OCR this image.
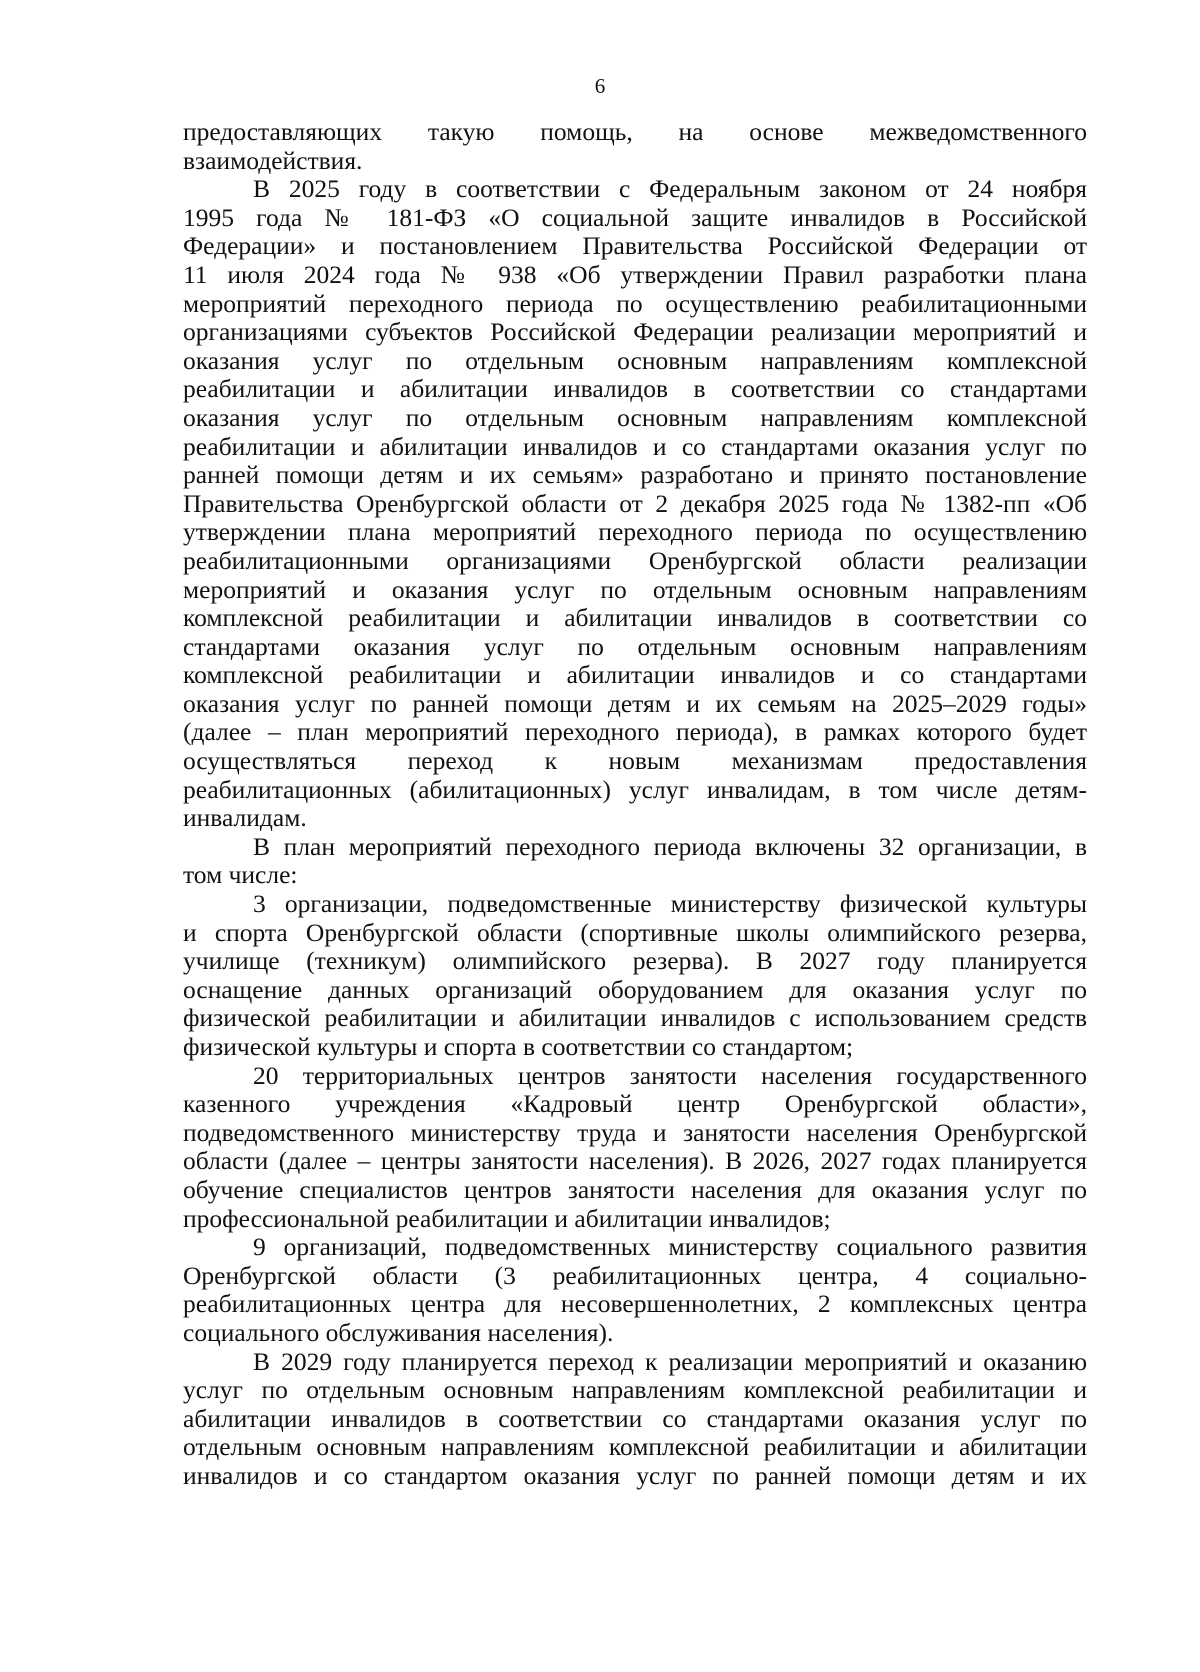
6
предоставляющих такую помощь, на основе межведомственного
взаимодействия.
В 2025 году в соответствии с Федеральным законом от 24 ноября
1995 года № 181-ФЗ «О социальной защите инвалидов в Российской
Федерации» и постановлением Правительства Российской Федерации от
11 июля 2024 года № 938 «Об утверждении Правил разработки плана
мероприятий переходного периода по осуществлению реабилитационными
организациями субъектов Российской Федерации реализации мероприятий и
оказания услуг по отдельным основным направлениям комплексной
реабилитации и абилитации инвалидов в соответствии со стандартами
оказания услуг по отдельным основным направлениям комплексной
реабилитации и абилитации инвалидов и со стандартами оказания услуг по
ранней помощи детям и их семьям» разработано и принято постановление
Правительства Оренбургской области от 2 декабря 2025 года № 1382-пп «Об
утверждении плана мероприятий переходного периода по осуществлению
реабилитационными организациями Оренбургской области реализации
мероприятий и оказания услуг по отдельным основным направлениям
комплексной реабилитации и абилитации инвалидов в соответствии со
стандартами оказания услуг по отдельным основным направлениям
комплексной реабилитации и абилитации инвалидов и со стандартами
оказания услуг по ранней помощи детям и их семьям на 2025–2029 годы»
(далее – план мероприятий переходного периода), в рамках которого будет
осуществляться переход к новым механизмам предоставления
реабилитационных (абилитационных) услуг инвалидам, в том числе детям-
инвалидам.
В план мероприятий переходного периода включены 32 организации, в
том числе:
3 организации, подведомственные министерству физической культуры
и спорта Оренбургской области (спортивные школы олимпийского резерва,
училище (техникум) олимпийского резерва). В 2027 году планируется
оснащение данных организаций оборудованием для оказания услуг по
физической реабилитации и абилитации инвалидов с использованием средств
физической культуры и спорта в соответствии со стандартом;
20 территориальных центров занятости населения государственного
казенного учреждения «Кадровый центр Оренбургской области»,
подведомственного министерству труда и занятости населения Оренбургской
области (далее – центры занятости населения). В 2026, 2027 годах планируется
обучение специалистов центров занятости населения для оказания услуг по
профессиональной реабилитации и абилитации инвалидов;
9 организаций, подведомственных министерству социального развития
Оренбургской области (3 реабилитационных центра, 4 социально-
реабилитационных центра для несовершеннолетних, 2 комплексных центра
социального обслуживания населения).
В 2029 году планируется переход к реализации мероприятий и оказанию
услуг по отдельным основным направлениям комплексной реабилитации и
абилитации инвалидов в соответствии со стандартами оказания услуг по
отдельным основным направлениям комплексной реабилитации и абилитации
инвалидов и со стандартом оказания услуг по ранней помощи детям и их
